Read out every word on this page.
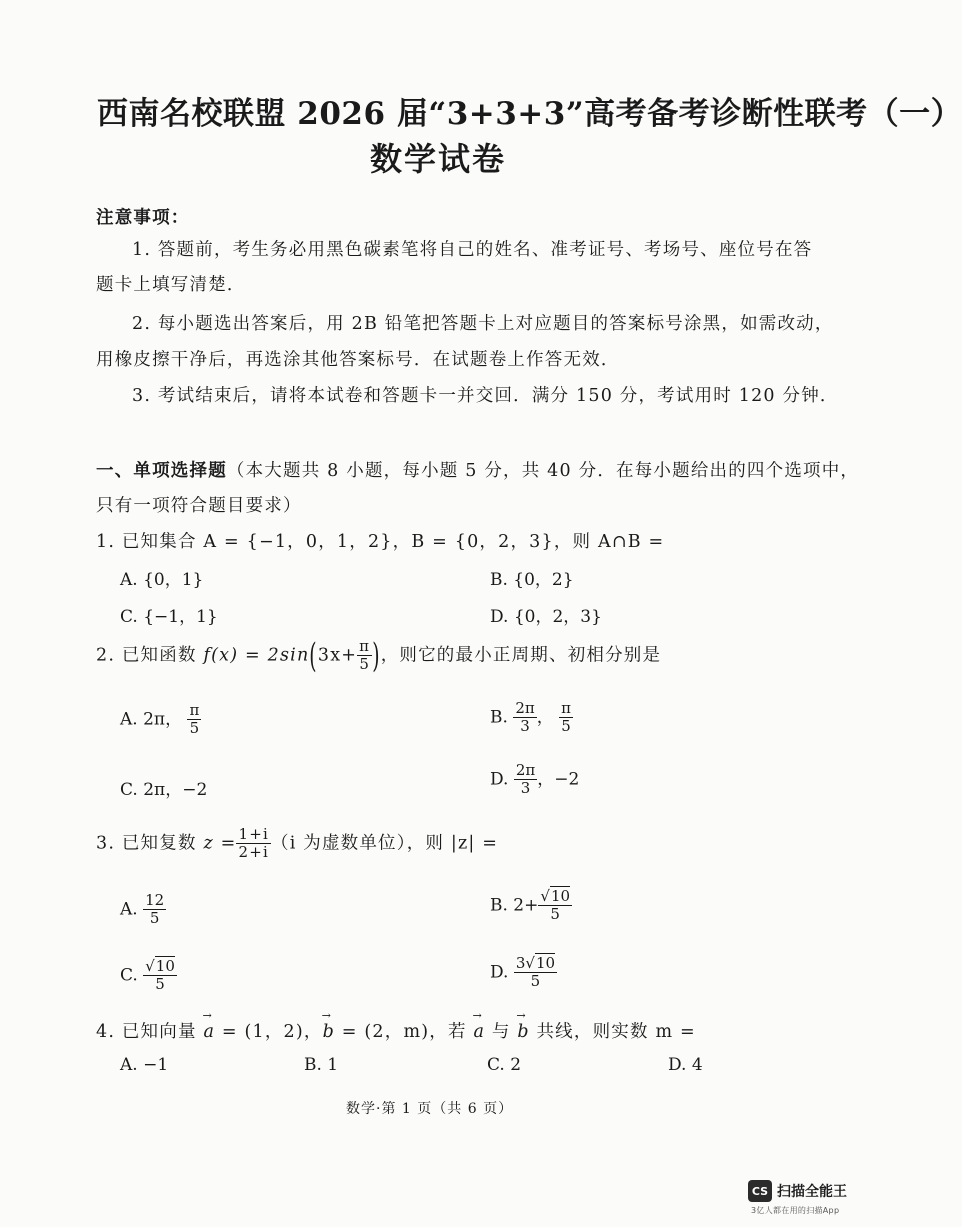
西南名校联盟 2026 届“3+3+3”高考备考诊断性联考（一）
数学试卷
注意事项：
1. 答题前，考生务必用黑色碳素笔将自己的姓名、准考证号、考场号、座位号在答
题卡上填写清楚．
2. 每小题选出答案后，用 2B 铅笔把答题卡上对应题目的答案标号涂黑，如需改动，
用橡皮擦干净后，再选涂其他答案标号．在试题卷上作答无效．
3. 考试结束后，请将本试卷和答题卡一并交回．满分 150 分，考试用时 120 分钟．
一、单项选择题（本大题共 8 小题，每小题 5 分，共 40 分．在每小题给出的四个选项中，
只有一项符合题目要求）
1. 已知集合 A = {−1，0，1，2}，B = {0，2，3}，则 A∩B =
A. {0，1}	B. {0，2}
C. {−1，1}	D. {0，2，3}
2. 已知函数 $f(x) = 2\sin(3x+ \frac{\pi}{5}$ )，则它的最小正周期、初相分别是
A. 2π， $\frac{\pi}{5}$	B. $\frac{2\pi}{3}$ ， $\frac{\pi}{5}$
C. 2π，−2
D. $\frac{2\pi}{3}$ ，−2
3. 已知复数 $z = \frac{1+i}{2+i} (i$ 为虚数单位），则 |z| =
A. $\frac{12}{5}$	B. $2+ \frac{√10}{5}$
C. $\frac{√10}{5}$	D. $\frac{3√10}{5}$
4. 已知向量 → a = (1，2)，→ b = (2，m)，若 → a 与 → b 共线，则实数 m =
A. −1	B. 1	C. 2	D. 4
数学·第 1 页（共 6 页）
CS 扫描全能王
3亿人都在用的扫描App
